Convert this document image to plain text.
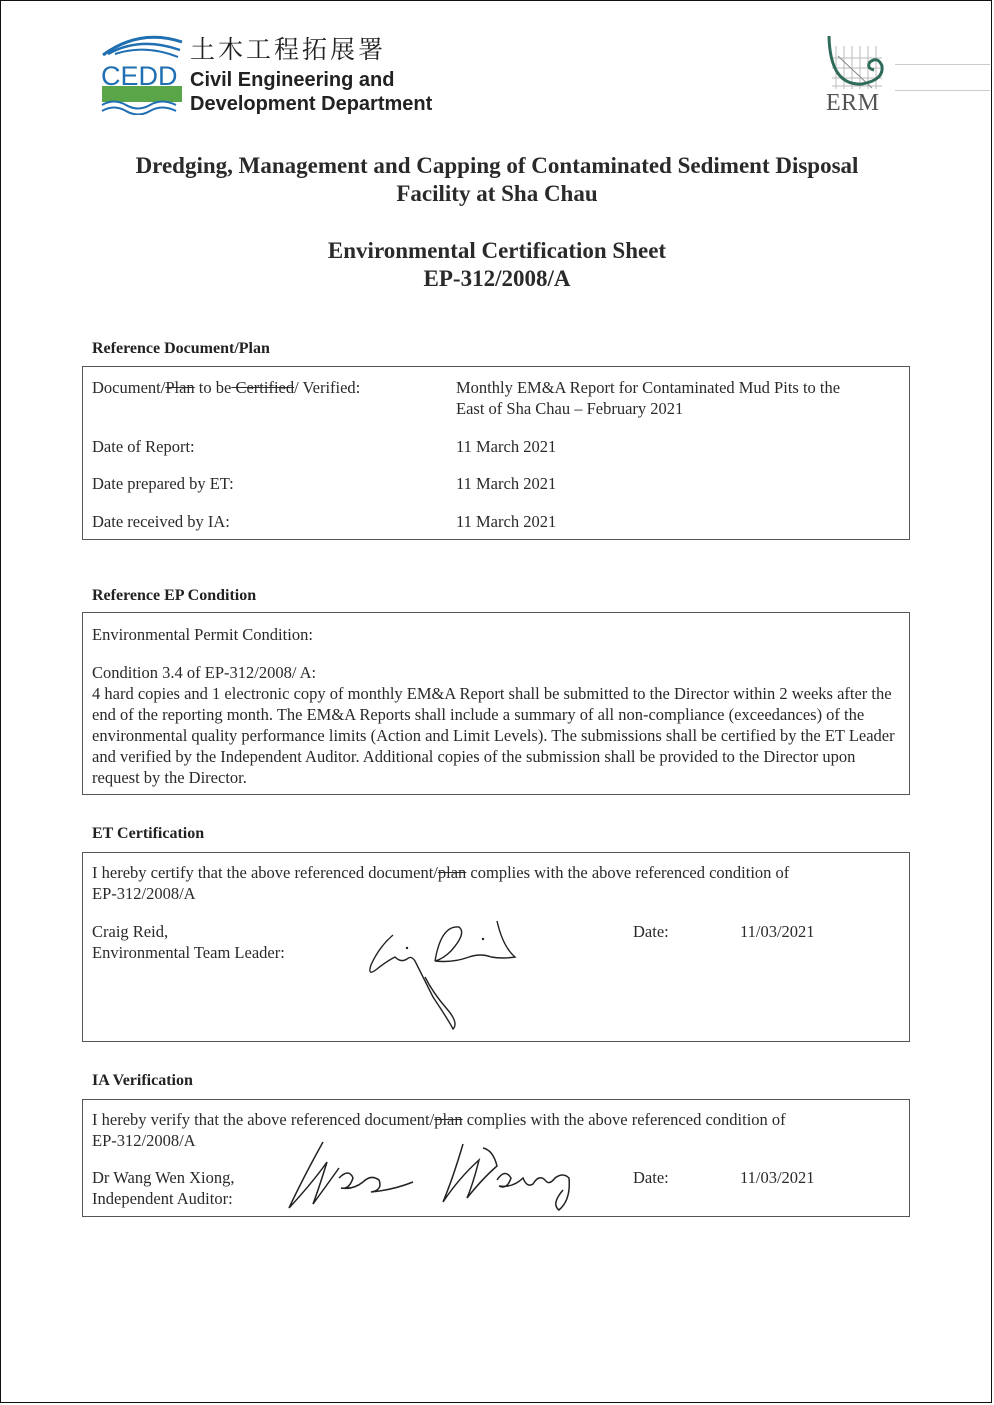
CEDD
土木工程拓展署
Civil Engineering and
Development Department	ERM
Dredging, Management and Capping of Contaminated Sediment Disposal
Facility at Sha Chau
Environmental Certification Sheet
EP-312/2008/A
Reference Document/Plan
Document/Plan to be Certified/ Verified:	Monthly EM&A Report for Contaminated Mud Pits to the
East of Sha Chau – February 2021
Date of Report:	11 March 2021
Date prepared by ET:	11 March 2021
Date received by IA:	11 March 2021
Reference EP Condition
Environmental Permit Condition:
Condition 3.4 of EP-312/2008/ A:
4 hard copies and 1 electronic copy of monthly EM&A Report shall be submitted to the Director within 2 weeks after the end of the reporting month. The EM&A Reports shall include a summary of all non-compliance (exceedances) of the environmental quality performance limits (Action and Limit Levels). The submissions shall be certified by the ET Leader and verified by the Independent Auditor. Additional copies of the submission shall be provided to the Director upon request by the Director.
ET Certification
I hereby certify that the above referenced document/plan complies with the above referenced condition of
EP-312/2008/A
Craig Reid,
Environmental Team Leader:
Date:	11/03/2021
IA Verification
I hereby verify that the above referenced document/plan complies with the above referenced condition of
EP-312/2008/A
Dr Wang Wen Xiong,
Independent Auditor:
Date:	11/03/2021
